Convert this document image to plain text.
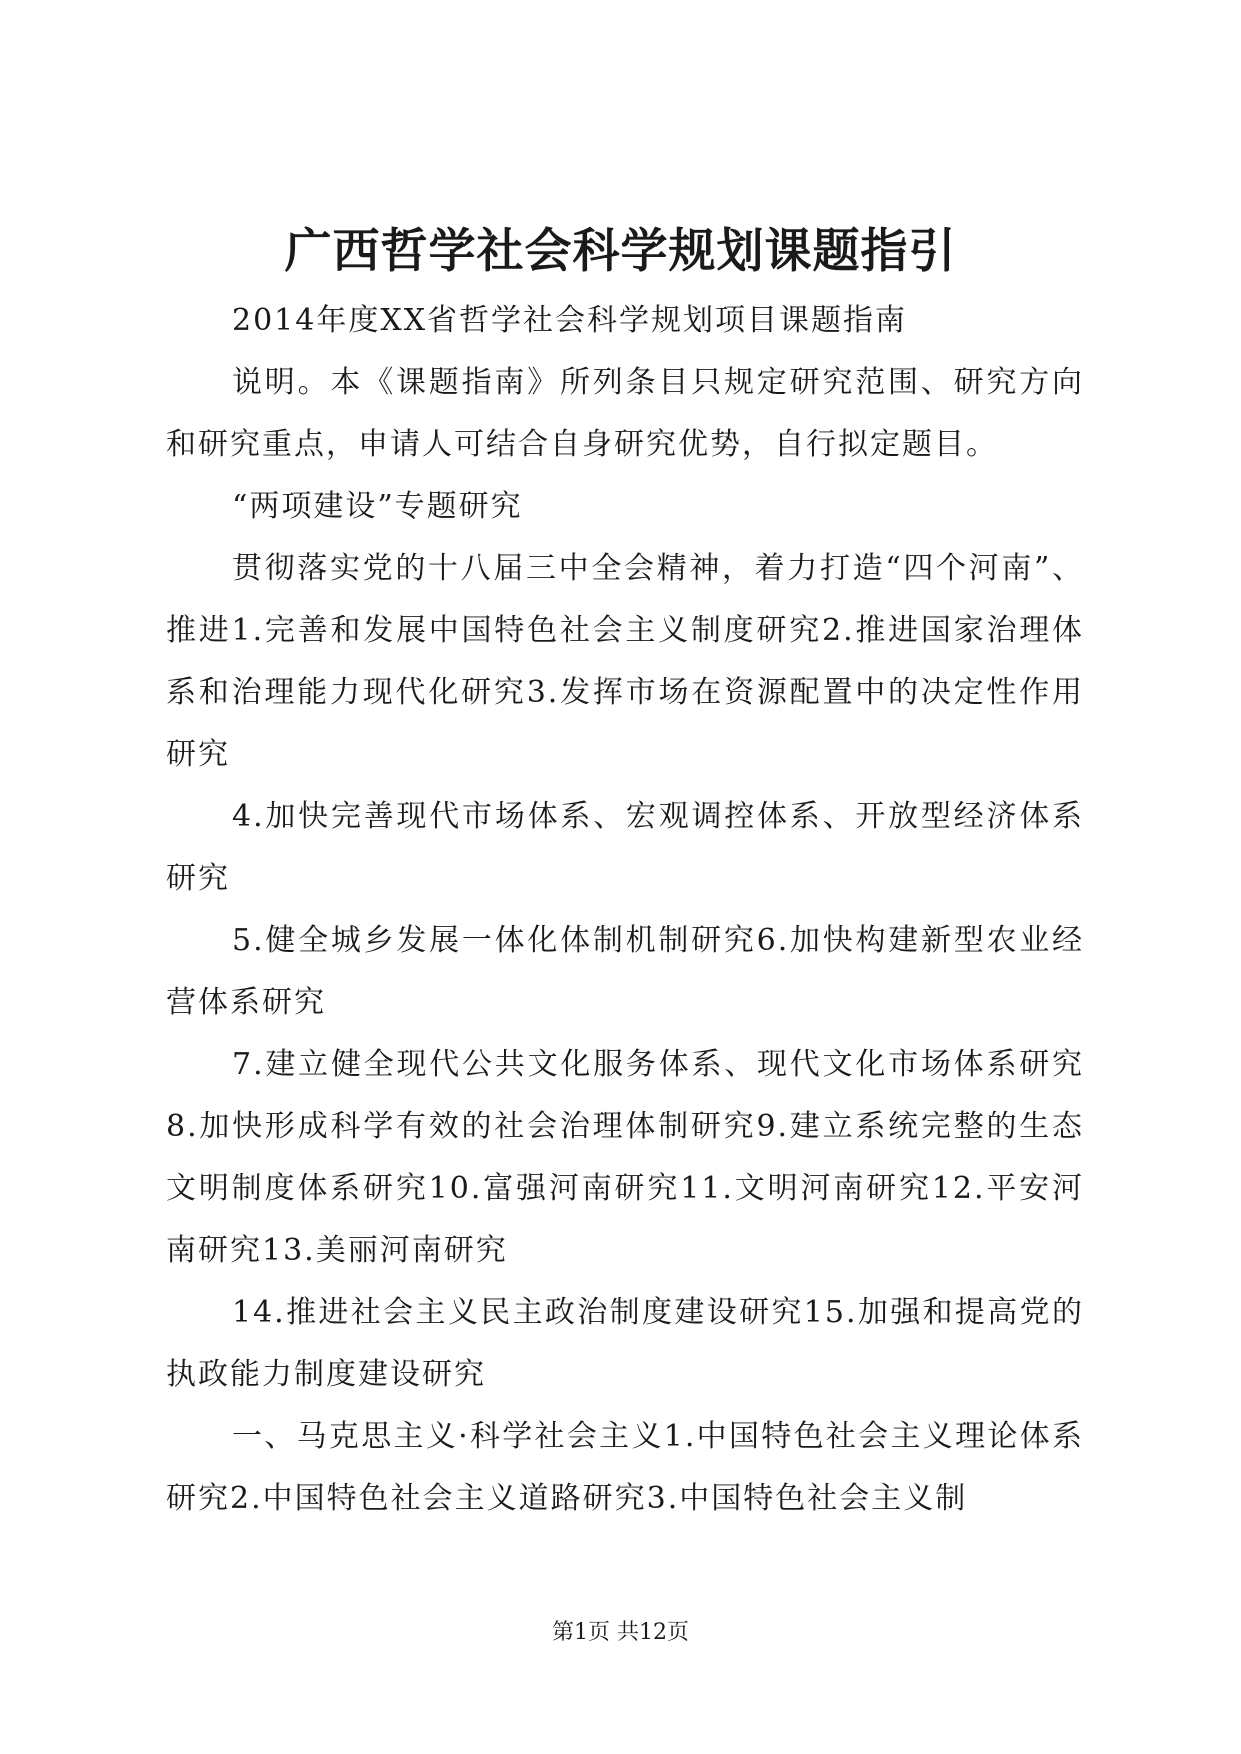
广西哲学社会科学规划课题指引

2014年度XX省哲学社会科学规划项目课题指南

说明。本《课题指南》所列条目只规定研究范围、研究方向和研究重点，申请人可结合自身研究优势，自行拟定题目。

“两项建设”专题研究

贯彻落实党的十八届三中全会精神，着力打造“四个河南”、推进1.完善和发展中国特色社会主义制度研究2.推进国家治理体系和治理能力现代化研究3.发挥市场在资源配置中的决定性作用研究

4.加快完善现代市场体系、宏观调控体系、开放型经济体系研究

5.健全城乡发展一体化体制机制研究6.加快构建新型农业经营体系研究

7.建立健全现代公共文化服务体系、现代文化市场体系研究8.加快形成科学有效的社会治理体制研究9.建立系统完整的生态文明制度体系研究10.富强河南研究11.文明河南研究12.平安河南研究13.美丽河南研究

14.推进社会主义民主政治制度建设研究15.加强和提高党的执政能力制度建设研究

一、马克思主义·科学社会主义1.中国特色社会主义理论体系研究2.中国特色社会主义道路研究3.中国特色社会主义制

第1页 共12页
